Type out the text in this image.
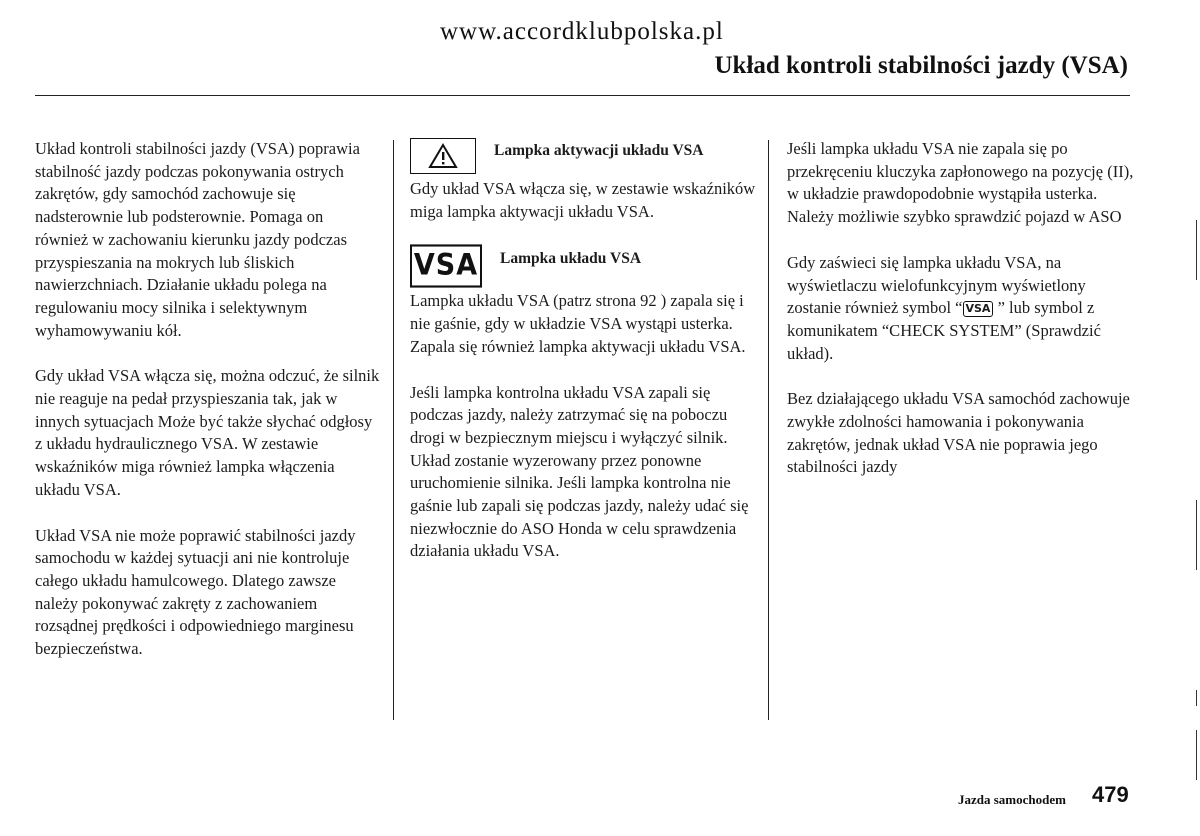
www.accordklubpolska.pl
Układ kontroli stabilności jazdy (VSA)

Układ kontroli stabilności jazdy (VSA) poprawia stabilność jazdy podczas pokonywania ostrych zakrętów, gdy samochód zachowuje się nadsterownie lub podsterownie. Pomaga on również w zachowaniu kierunku jazdy podczas przyspieszania na mokrych lub śliskich nawierzchniach. Działanie układu polega na regulowaniu mocy silnika i selektywnym wyhamowywaniu kół.

Gdy układ VSA włącza się, można odczuć, że silnik nie reaguje na pedał przyspieszania tak, jak w innych sytuacjach Może być także słychać odgłosy z układu hydraulicznego VSA. W zestawie wskaźników miga również lampka włączenia układu VSA.

Układ VSA nie może poprawić stabilności jazdy samochodu w każdej sytuacji ani nie kontroluje całego układu hamulcowego. Dlatego zawsze należy pokonywać zakręty z zachowaniem rozsądnej prędkości i odpowiedniego marginesu bezpieczeństwa.

Lampka aktywacji układu VSA

Gdy układ VSA włącza się, w zestawie wskaźników miga lampka aktywacji układu VSA.

VSA Lampka układu VSA

Lampka układu VSA (patrz strona 92 ) zapala się i nie gaśnie, gdy w układzie VSA wystąpi usterka. Zapala się również lampka aktywacji układu VSA.

Jeśli lampka kontrolna układu VSA zapali się podczas jazdy, należy zatrzymać się na poboczu drogi w bezpiecznym miejscu i wyłączyć silnik. Układ zostanie wyzerowany przez ponowne uruchomienie silnika. Jeśli lampka kontrolna nie gaśnie lub zapali się podczas jazdy, należy udać się niezwłocznie do ASO Honda w celu sprawdzenia działania układu VSA.

Jeśli lampka układu VSA nie zapala się po przekręceniu kluczyka zapłonowego na pozycję (II), w układzie prawdopodobnie wystąpiła usterka. Należy możliwie szybko sprawdzić pojazd w ASO

Gdy zaświeci się lampka układu VSA, na wyświetlaczu wielofunkcyjnym wyświetlony zostanie również symbol “ VSA ” lub symbol z komunikatem “CHECK SYSTEM” (Sprawdzić układ).

Bez działającego układu VSA samochód zachowuje zwykłe zdolności hamowania i pokonywania zakrętów, jednak układ VSA nie poprawia jego stabilności jazdy

Jazda samochodem 479
